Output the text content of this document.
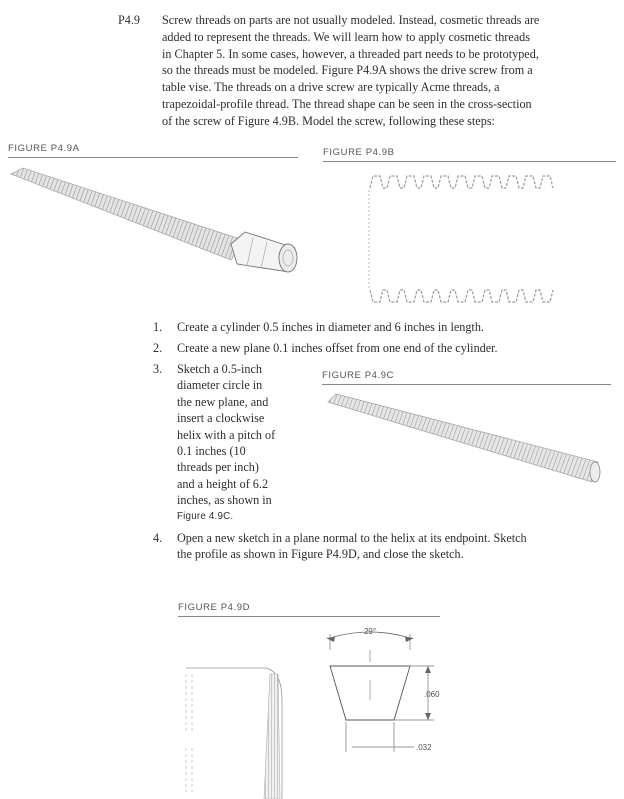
P4.9 Screw threads on parts are not usually modeled. Instead, cosmetic threads are
added to represent the threads. We will learn how to apply cosmetic threads
in Chapter 5. In some cases, however, a threaded part needs to be prototyped,
so the threads must be modeled. Figure P4.9A shows the drive screw from a
table vise. The threads on a drive screw are typically Acme threads, a
trapezoidal-profile thread. The thread shape can be seen in the cross-section
of the screw of Figure 4.9B. Model the screw, following these steps:
FIGURE P4.9A	FIGURE P4.9B
1. Create a cylinder 0.5 inches in diameter and 6 inches in length.
2. Create a new plane 0.1 inches offset from one end of the cylinder.
3. Sketch a 0.5-inch
diameter circle in
the new plane, and
insert a clockwise
helix with a pitch of
0.1 inches (10
threads per inch)
and a height of 6.2
inches, as shown in
Figure 4.9C.
FIGURE P4.9C
4. Open a new sketch in a plane normal to the helix at its endpoint. Sketch
the profile as shown in Figure P4.9D, and close the sketch.
FIGURE P4.9D
29°
.060
.032
